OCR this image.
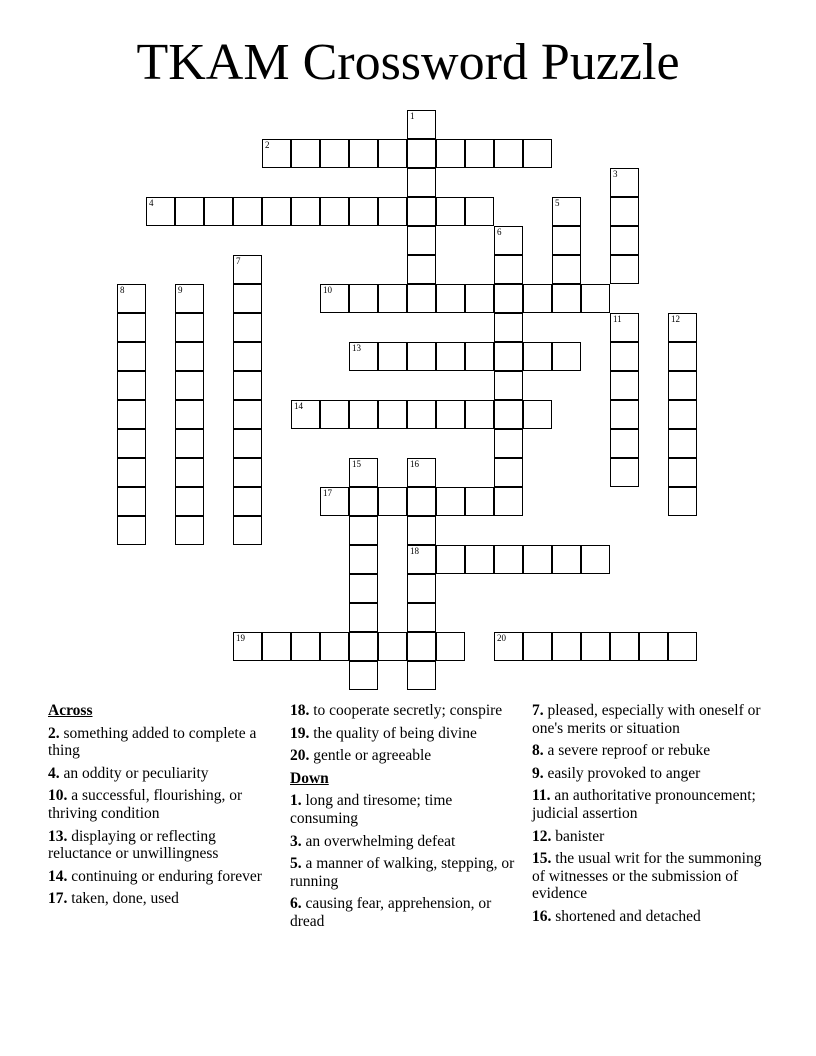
TKAM Crossword Puzzle
1
2
3
4	5
6
7
8	9	10
11	12
13
14
15	16
18
17
19	20
Across
2. something added to complete a thing
4. an oddity or peculiarity
10. a successful, flourishing, or thriving condition
13. displaying or reflecting reluctance or unwillingness
14. continuing or enduring forever
17. taken, done, used
18. to cooperate secretly; conspire
19. the quality of being divine
20. gentle or agreeable
Down
1. long and tiresome; time consuming
3. an overwhelming defeat
5. a manner of walking, stepping, or running
6. causing fear, apprehension, or dread
7. pleased, especially with oneself or one's merits or situation
8. a severe reproof or rebuke
9. easily provoked to anger
11. an authoritative pronouncement; judicial assertion
12. banister
15. the usual writ for the summoning of witnesses or the submission of evidence
16. shortened and detached
